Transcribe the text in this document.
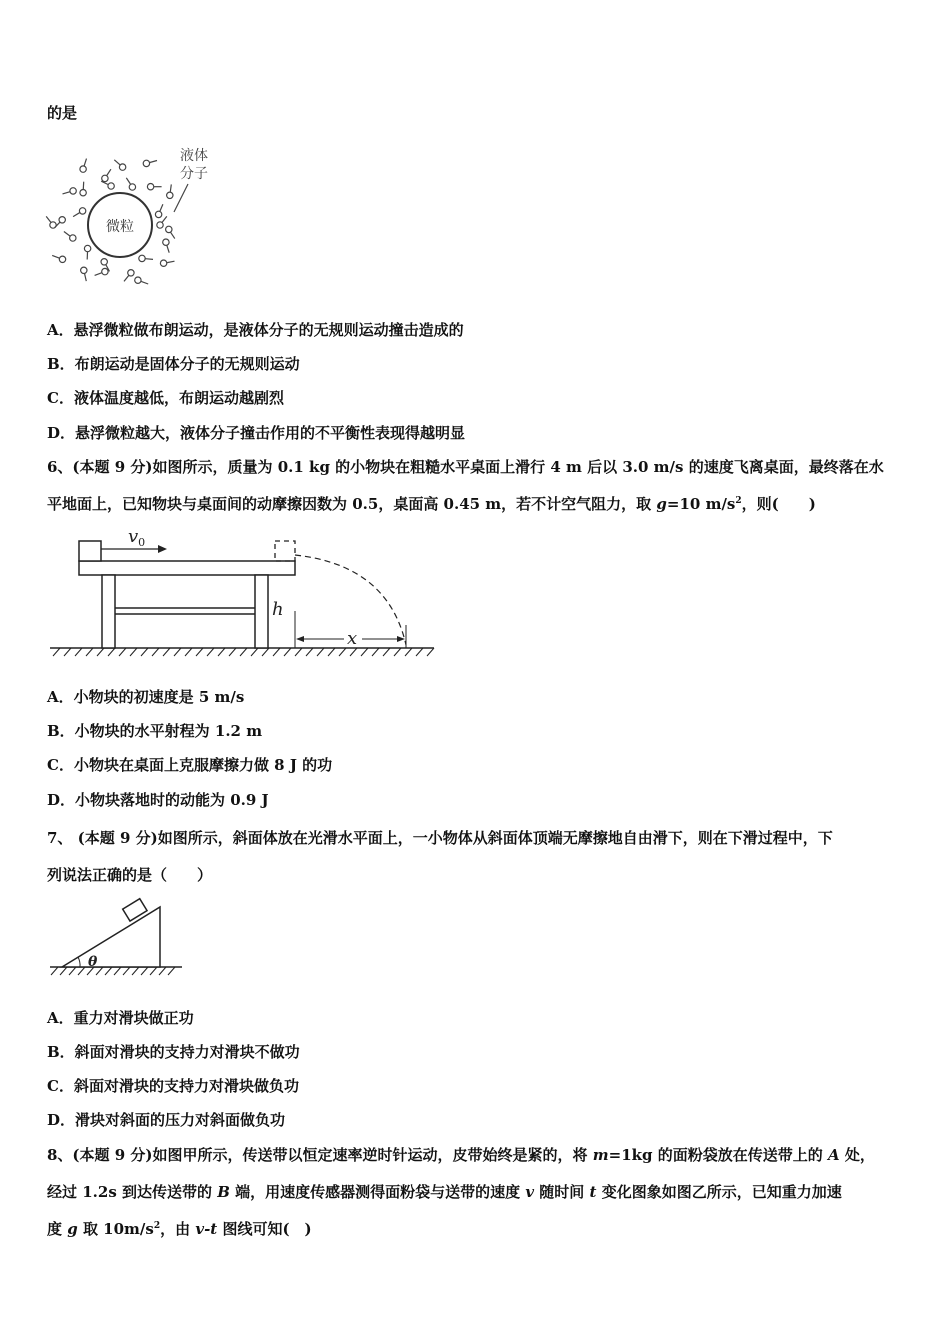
的是
微粒
液体
分子
A．悬浮微粒做布朗运动，是液体分子的无规则运动撞击造成的
B．布朗运动是固体分子的无规则运动
C．液体温度越低，布朗运动越剧烈
D．悬浮微粒越大，液体分子撞击作用的不平衡性表现得越明显
6、(本题 9 分)如图所示，质量为 0.1 kg 的小物块在粗糙水平桌面上滑行 4 m 后以 3.0 m/s 的速度飞离桌面，最终落在水
平地面上，已知物块与桌面间的动摩擦因数为 0.5，桌面高 0.45 m，若不计空气阻力，取 g=10 $m/s^2$，则(　　)
$v_0$
h
x
A．小物块的初速度是 5 m/s
B．小物块的水平射程为 1.2 m
C．小物块在桌面上克服摩擦力做 8 J 的功
D．小物块落地时的动能为 0.9 J
7、 (本题 9 分)如图所示，斜面体放在光滑水平面上，一小物体从斜面体顶端无摩擦地自由滑下，则在下滑过程中，下
列说法正确的是（　　）
θ
A．重力对滑块做正功
B．斜面对滑块的支持力对滑块不做功
C．斜面对滑块的支持力对滑块做负功
D．滑块对斜面的压力对斜面做负功
8、(本题 9 分)如图甲所示，传送带以恒定速率逆时针运动，皮带始终是紧的，将 m=1kg 的面粉袋放在传送带上的 A 处，
经过 1.2s 到达传送带的 B 端，用速度传感器测得面粉袋与送带的速度 v 随时间 t 变化图象如图乙所示，已知重力加速
度 g 取 $10m/s^2$，由 v-t 图线可知(　)
